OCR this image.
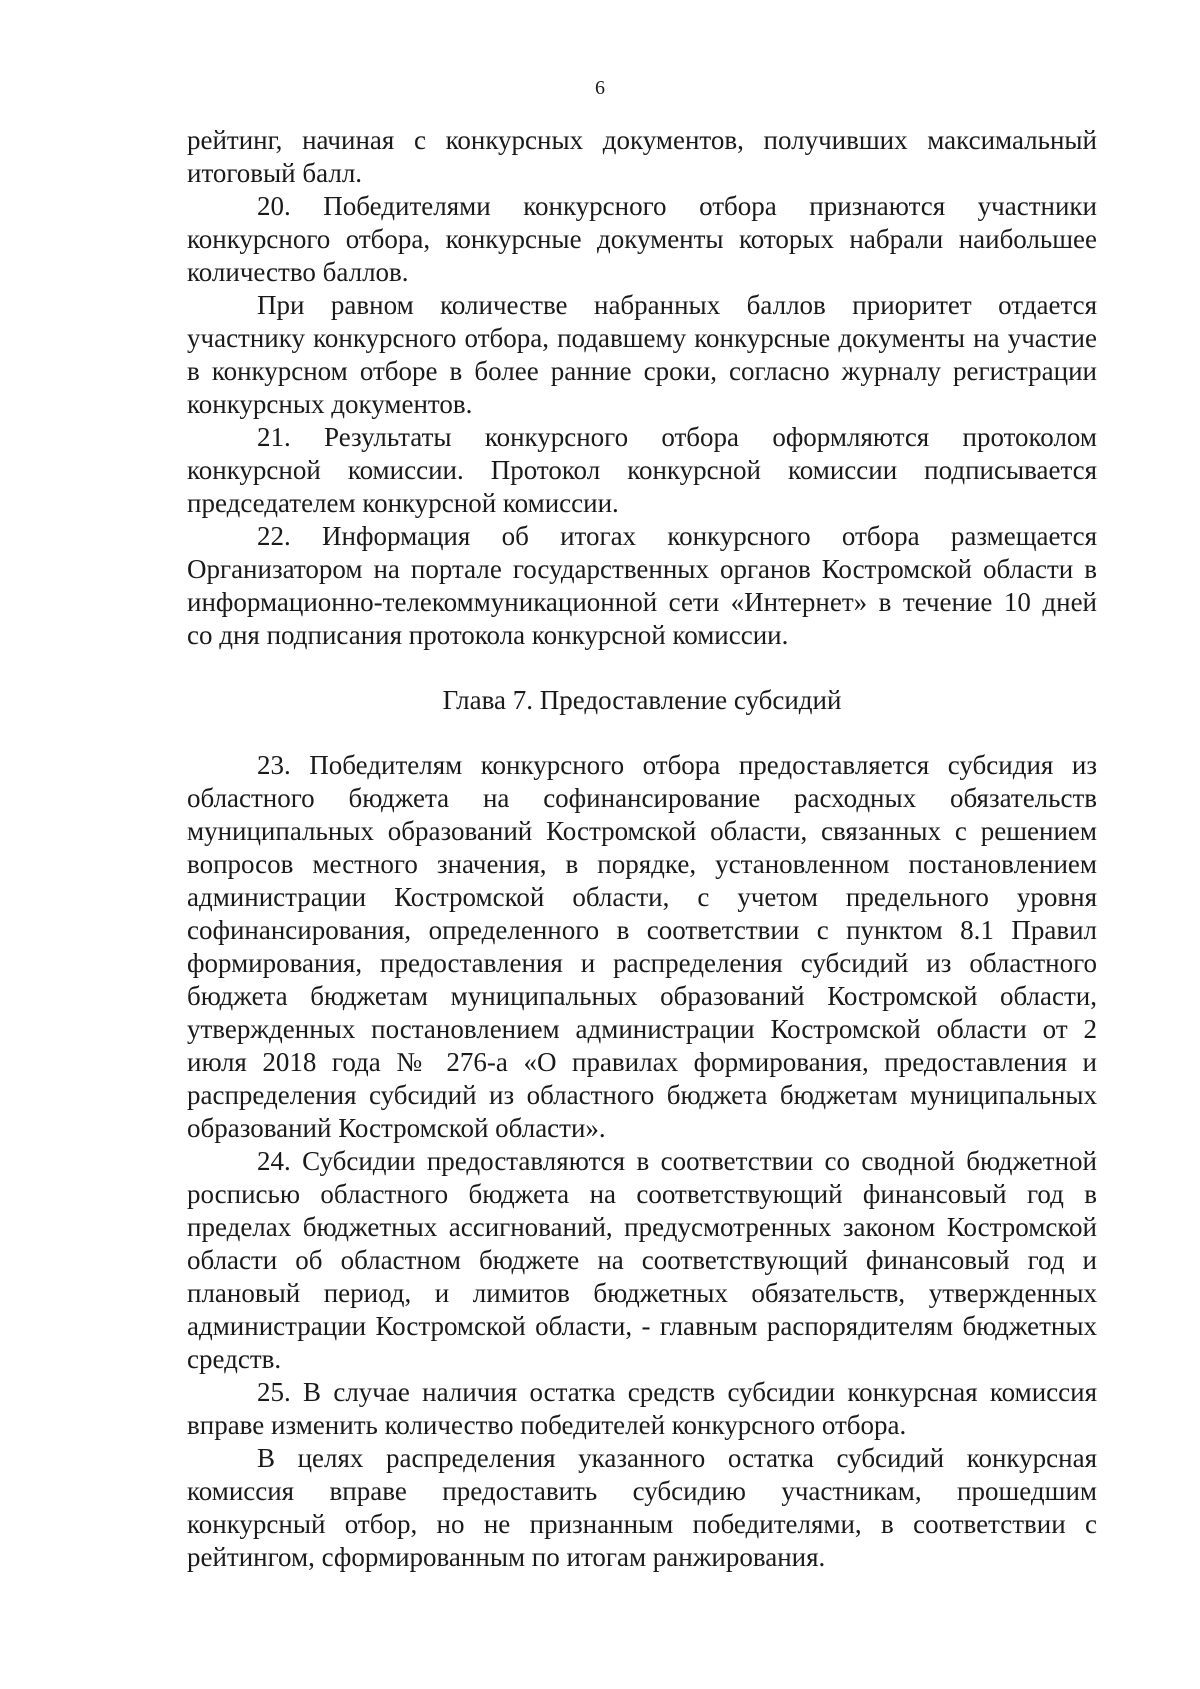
6

рейтинг, начиная с конкурсных документов, получивших максимальный итоговый балл.

20. Победителями конкурсного отбора признаются участники конкурсного отбора, конкурсные документы которых набрали наибольшее количество баллов.

При равном количестве набранных баллов приоритет отдается участнику конкурсного отбора, подавшему конкурсные документы на участие в конкурсном отборе в более ранние сроки, согласно журналу регистрации конкурсных документов.

21. Результаты конкурсного отбора оформляются протоколом конкурсной комиссии. Протокол конкурсной комиссии подписывается председателем конкурсной комиссии.

22. Информация об итогах конкурсного отбора размещается Организатором на портале государственных органов Костромской области в информационно-телекоммуникационной сети «Интернет» в течение 10 дней со дня подписания протокола конкурсной комиссии.

Глава 7. Предоставление субсидий

23. Победителям конкурсного отбора предоставляется субсидия из областного бюджета на софинансирование расходных обязательств муниципальных образований Костромской области, связанных с решением вопросов местного значения, в порядке, установленном постановлением администрации Костромской области, с учетом предельного уровня софинансирования, определенного в соответствии с пунктом 8.1 Правил формирования, предоставления и распределения субсидий из областного бюджета бюджетам муниципальных образований Костромской области, утвержденных постановлением администрации Костромской области от 2 июля 2018 года № 276-а «О правилах формирования, предоставления и распределения субсидий из областного бюджета бюджетам муниципальных образований Костромской области».

24. Субсидии предоставляются в соответствии со сводной бюджетной росписью областного бюджета на соответствующий финансовый год в пределах бюджетных ассигнований, предусмотренных законом Костромской области об областном бюджете на соответствующий финансовый год и плановый период, и лимитов бюджетных обязательств, утвержденных администрации Костромской области, - главным распорядителям бюджетных средств.

25. В случае наличия остатка средств субсидии конкурсная комиссия вправе изменить количество победителей конкурсного отбора.

В целях распределения указанного остатка субсидий конкурсная комиссия вправе предоставить субсидию участникам, прошедшим конкурсный отбор, но не признанным победителями, в соответствии с рейтингом, сформированным по итогам ранжирования.
